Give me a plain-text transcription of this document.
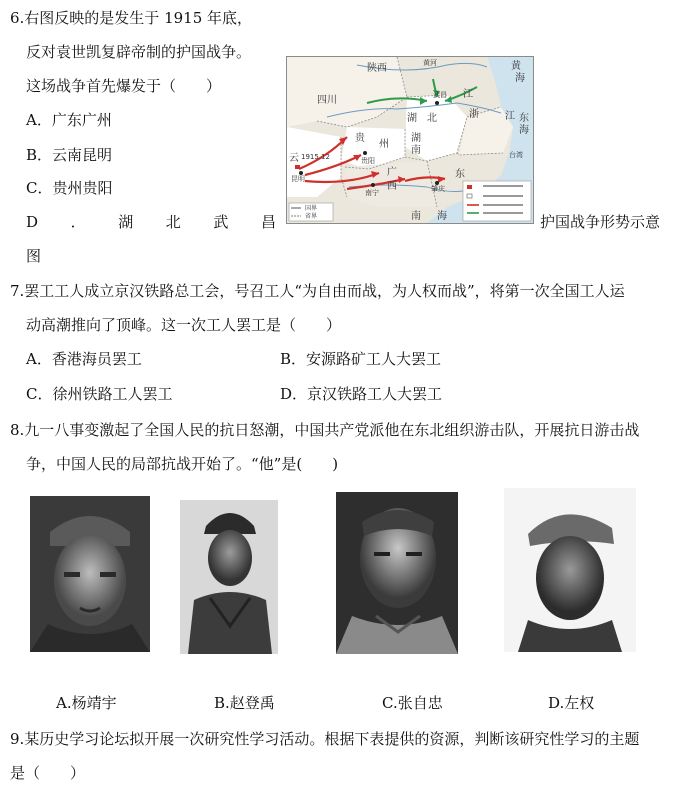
6.右图反映的是发生于 1915 年底，
反对袁世凯复辟帝制的护国战争。
这场战争首先爆发于（　　）
A．广东广州
B．云南昆明
C．贵州贵阳
D ． 湖 北 武 昌	护国战争形势示意
图
陕西
四川
湖 北
湖
南
贵
州
云
广
西
东
浙
江
江
黄
海
东
海
南 海
贵阳
昆明
南宁	肇庆
武昌
台湾
1915.12
黄河
国界
省界
7.罢工工人成立京汉铁路总工会，号召工人“为自由而战，为人权而战”，将第一次全国工人运
动高潮推向了顶峰。这一次工人罢工是（　　）
A．香港海员罢工	B．安源路矿工人大罢工
C．徐州铁路工人罢工	D．京汉铁路工人大罢工
8.九一八事变激起了全国人民的抗日怒潮，中国共产党派他在东北组织游击队，开展抗日游击战
争，中国人民的局部抗战开始了。“他”是(　　)
A.杨靖宇	B.赵登禹	C.张自忠	D.左权
9.某历史学习论坛拟开展一次研究性学习活动。根据下表提供的资源，判断该研究性学习的主题
是（　　）
